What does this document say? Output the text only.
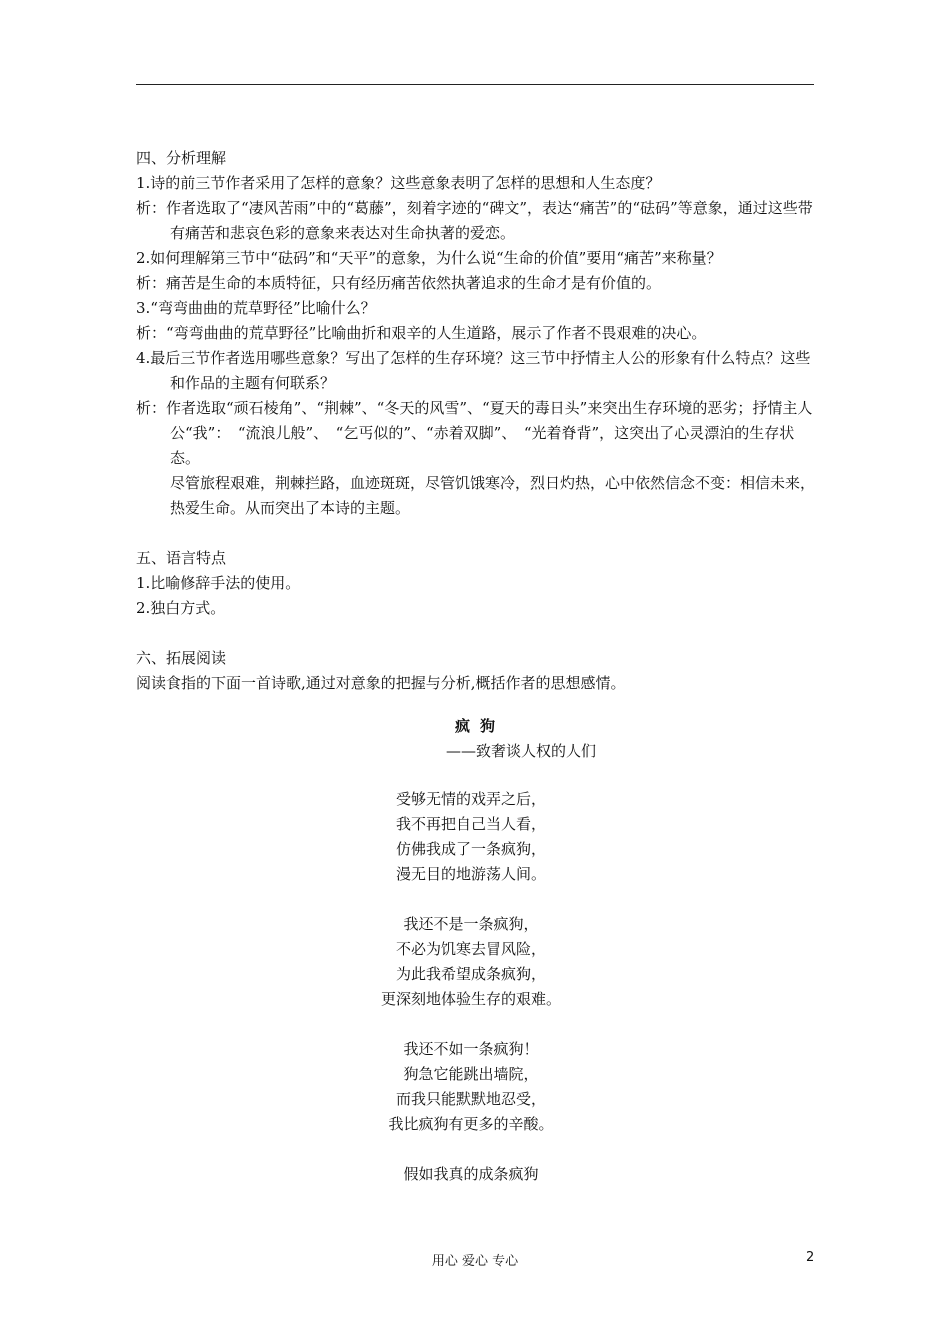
四、分析理解

1.诗的前三节作者采用了怎样的意象？这些意象表明了怎样的思想和人生态度？

析：作者选取了“凄风苦雨”中的“葛藤”，刻着字迹的“碑文”，表达“痛苦”的“砝码”等意象，通过这些带有痛苦和悲哀色彩的意象来表达对生命执著的爱恋。

2.如何理解第三节中“砝码”和“天平”的意象，为什么说“生命的价值”要用“痛苦”来称量？

析：痛苦是生命的本质特征，只有经历痛苦依然执著追求的生命才是有价值的。

3.“弯弯曲曲的荒草野径”比喻什么？

析：“弯弯曲曲的荒草野径”比喻曲折和艰辛的人生道路，展示了作者不畏艰难的决心。

4.最后三节作者选用哪些意象？写出了怎样的生存环境？这三节中抒情主人公的形象有什么特点？这些和作品的主题有何联系？

析：作者选取“顽石棱角”、“荆棘”、“冬天的风雪”、“夏天的毒日头”来突出生存环境的恶劣；抒情主人公“我”：　“流浪儿般”、　“乞丐似的”、“赤着双脚”、　“光着脊背”，这突出了心灵漂泊的生存状态。

尽管旅程艰难，荆棘拦路，血迹斑斑，尽管饥饿寒冷，烈日灼热，心中依然信念不变：相信未来，热爱生命。从而突出了本诗的主题。

五、语言特点

1.比喻修辞手法的使用。

2.独白方式。

六、拓展阅读

阅读食指的下面一首诗歌,通过对意象的把握与分析,概括作者的思想感情。

疯狗

——致奢谈人权的人们

受够无情的戏弄之后，
我不再把自己当人看，
仿佛我成了一条疯狗，
漫无目的地游荡人间。
我还不是一条疯狗，
不必为饥寒去冒风险，
为此我希望成条疯狗，
更深刻地体验生存的艰难。
我还不如一条疯狗！
狗急它能跳出墙院，
而我只能默默地忍受，
我比疯狗有更多的辛酸。
假如我真的成条疯狗
用心 爱心 专心	2
